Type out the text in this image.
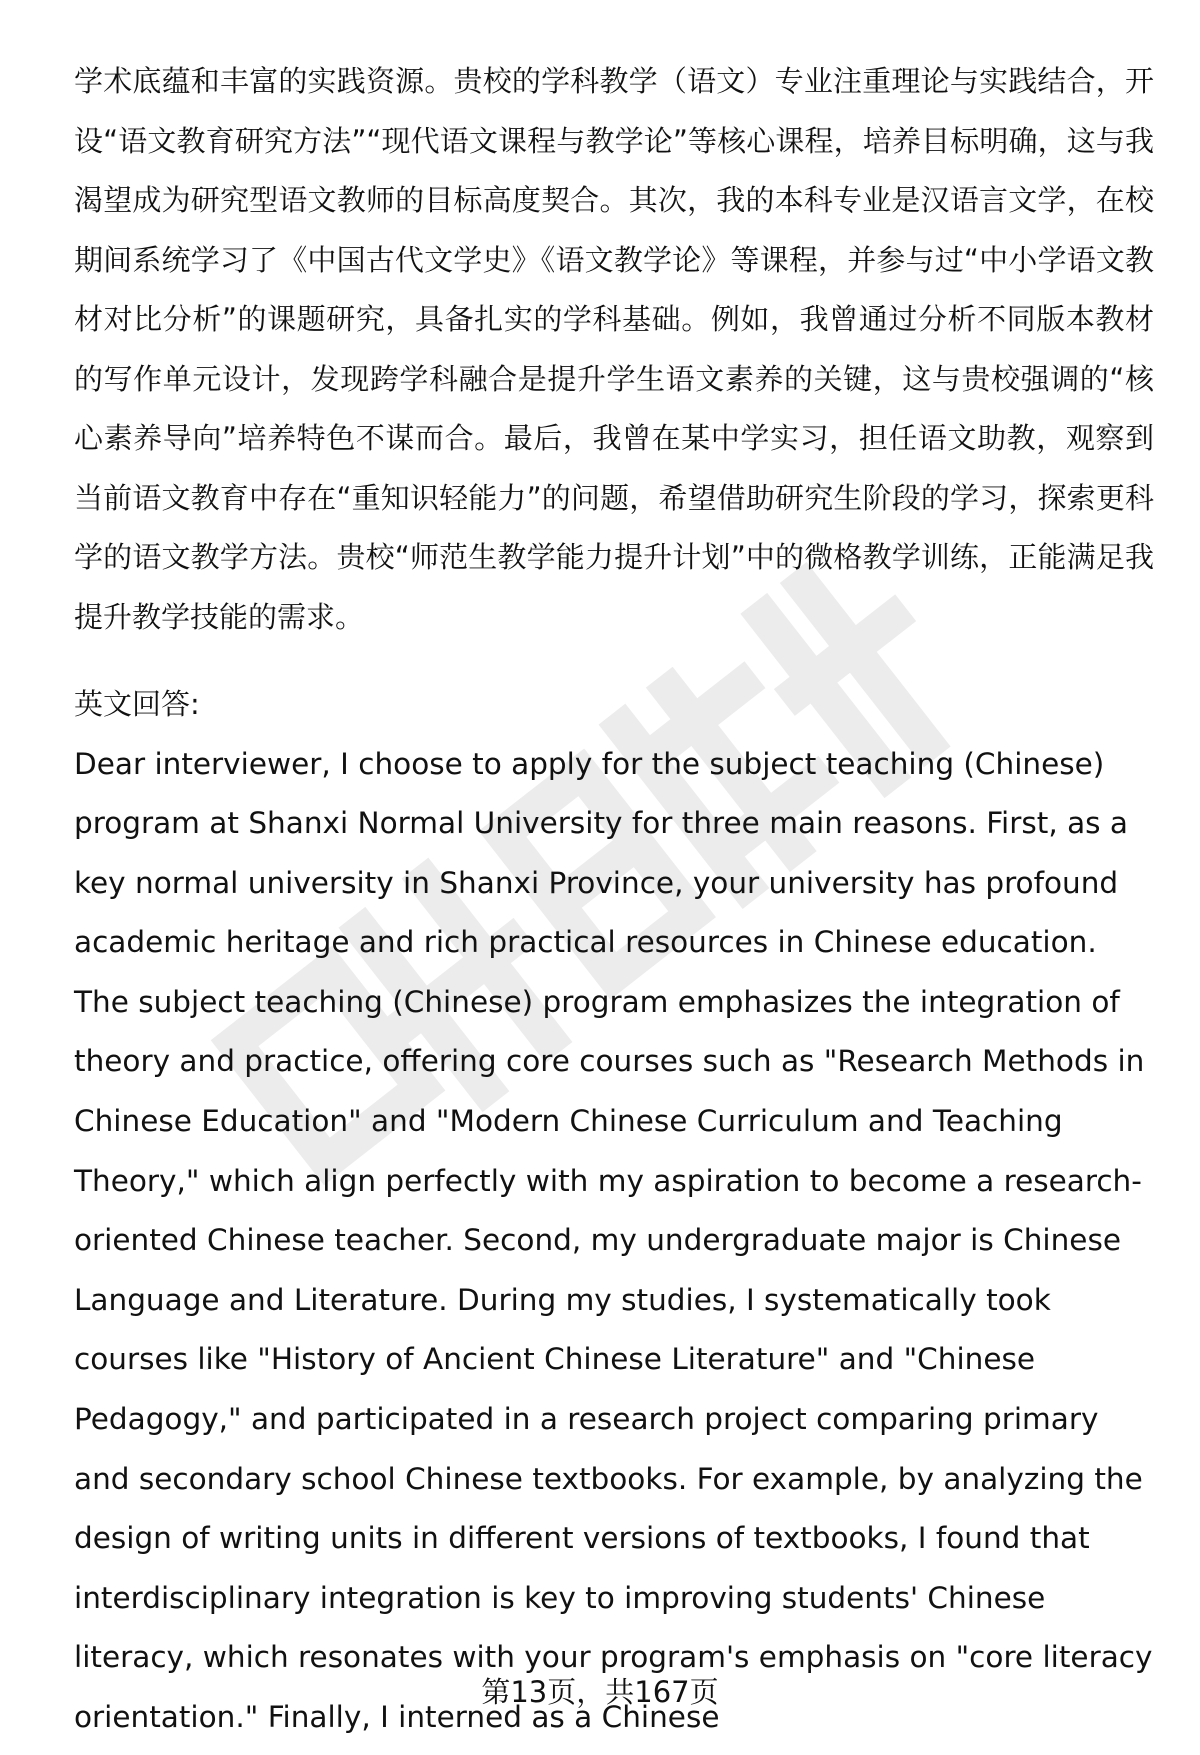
学术底蕴和丰富的实践资源。贵校的学科教学（语文）专业注重理论与实践结合，开设“语文教育研究方法”“现代语文课程与教学论”等核心课程，培养目标明确，这与我渴望成为研究型语文教师的目标高度契合。其次，我的本科专业是汉语言文学，在校期间系统学习了《中国古代文学史》《语文教学论》等课程，并参与过“中小学语文教材对比分析”的课题研究，具备扎实的学科基础。例如，我曾通过分析不同版本教材的写作单元设计，发现跨学科融合是提升学生语文素养的关键，这与贵校强调的“核心素养导向”培养特色不谋而合。最后，我曾在某中学实习，担任语文助教，观察到当前语文教育中存在“重知识轻能力”的问题，希望借助研究生阶段的学习，探索更科学的语文教学方法。贵校“师范生教学能力提升计划”中的微格教学训练，正能满足我提升教学技能的需求。

英文回答:

Dear interviewer, I choose to apply for the subject teaching (Chinese) program at Shanxi Normal University for three main reasons. First, as a key normal university in Shanxi Province, your university has profound academic heritage and rich practical resources in Chinese education. The subject teaching (Chinese) program emphasizes the integration of theory and practice, offering core courses such as "Research Methods in Chinese Education" and "Modern Chinese Curriculum and Teaching Theory," which align perfectly with my aspiration to become a research-oriented Chinese teacher. Second, my undergraduate major is Chinese Language and Literature. During my studies, I systematically took courses like "History of Ancient Chinese Literature" and "Chinese Pedagogy," and participated in a research project comparing primary and secondary school Chinese textbooks. For example, by analyzing the design of writing units in different versions of textbooks, I found that interdisciplinary integration is key to improving students' Chinese literacy, which resonates with your program's emphasis on "core literacy orientation." Finally, I interned as a Chinese

第13页，共167页
